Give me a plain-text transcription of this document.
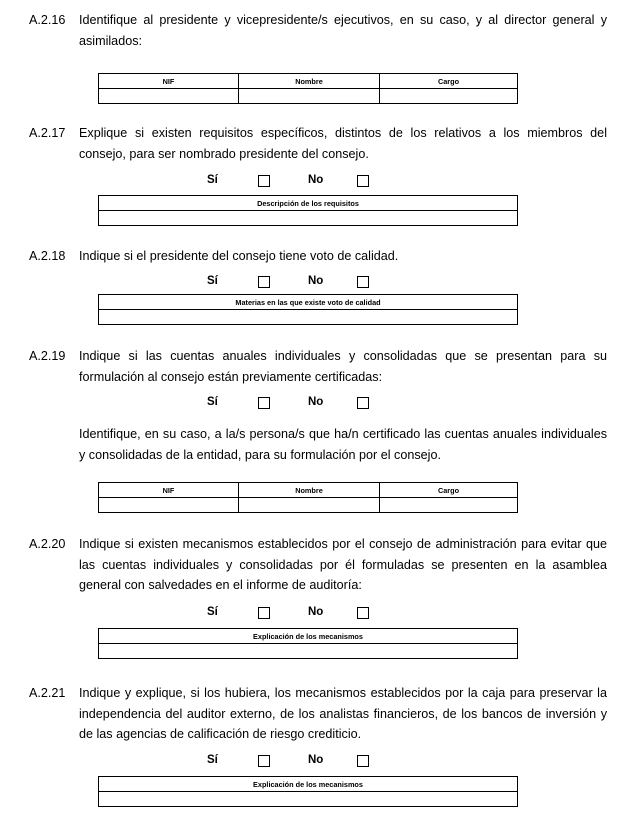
A.2.16 Identifique al presidente y vicepresidente/s ejecutivos, en su caso, y al director general y asimilados:
NIF	Nombre	Cargo

A.2.17 Explique si existen requisitos específicos, distintos de los relativos a los miembros del consejo, para ser nombrado presidente del consejo.
Sí	No
Descripción de los requisitos

A.2.18 Indique si el presidente del consejo tiene voto de calidad.
Sí	No
Materias en las que existe voto de calidad

A.2.19 Indique si las cuentas anuales individuales y consolidadas que se presentan para su formulación al consejo están previamente certificadas:
Sí	No
Identifique, en su caso, a la/s persona/s que ha/n certificado las cuentas anuales individuales y consolidadas de la entidad, para su formulación por el consejo.
NIF	Nombre	Cargo

A.2.20 Indique si existen mecanismos establecidos por el consejo de administración para evitar que las cuentas individuales y consolidadas por él formuladas se presenten en la asamblea general con salvedades en el informe de auditoría:
Sí	No
Explicación de los mecanismos

A.2.21 Indique y explique, si los hubiera, los mecanismos establecidos por la caja para preservar la independencia del auditor externo, de los analistas financieros, de los bancos de inversión y de las agencias de calificación de riesgo crediticio.
Sí	No
Explicación de los mecanismos
